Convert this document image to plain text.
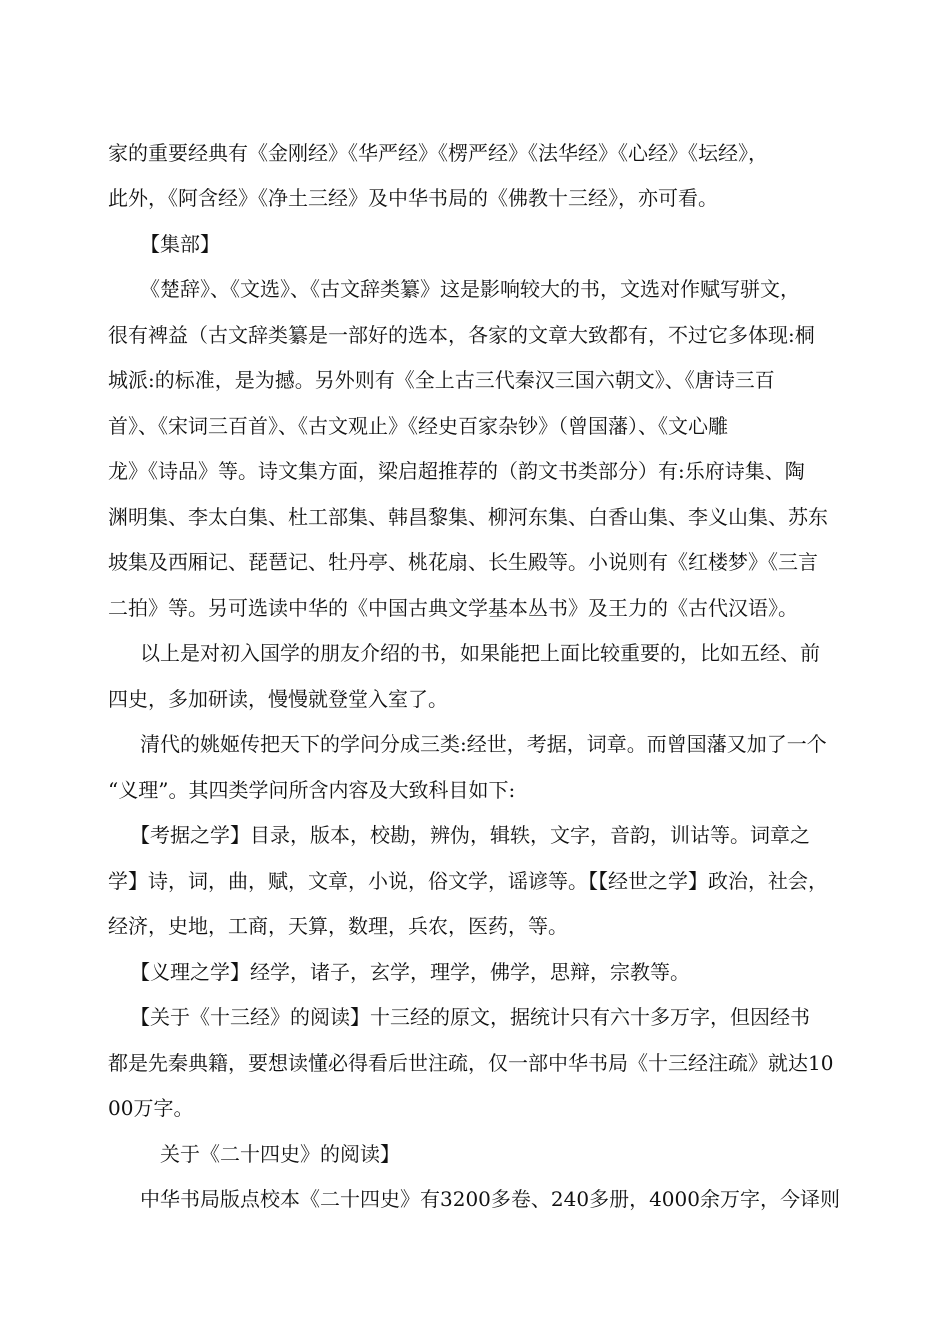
家的重要经典有《金刚经》《华严经》《楞严经》《法华经》《心经》《坛经》，
此外，《阿含经》《净土三经》及中华书局的《佛教十三经》，亦可看。
【集部】
《楚辞》、《文选》、《古文辞类纂》这是影响较大的书，文选对作赋写骈文，
很有裨益（古文辞类纂是一部好的选本，各家的文章大致都有，不过它多体现:桐
城派:的标准，是为撼。另外则有《全上古三代秦汉三国六朝文》、《唐诗三百
首》、《宋词三百首》、《古文观止》《经史百家杂钞》（曾国藩）、《文心雕
龙》《诗品》等。诗文集方面，梁启超推荐的（韵文书类部分）有:乐府诗集、陶
渊明集、李太白集、杜工部集、韩昌黎集、柳河东集、白香山集、李义山集、苏东
坡集及西厢记、琵琶记、牡丹亭、桃花扇、长生殿等。小说则有《红楼梦》《三言
二拍》等。另可选读中华的《中国古典文学基本丛书》及王力的《古代汉语》。
以上是对初入国学的朋友介绍的书，如果能把上面比较重要的，比如五经、前
四史，多加研读，慢慢就登堂入室了。
清代的姚姬传把天下的学问分成三类:经世，考据，词章。而曾国藩又加了一个
“义理”。其四类学问所含内容及大致科目如下:
【考据之学】目录，版本，校勘，辨伪，辑轶，文字，音韵，训诂等。词章之
学】诗，词，曲，赋，文章，小说，俗文学，谣谚等。【【经世之学】政治，社会，
经济，史地，工商，天算，数理，兵农，医药，等。
【义理之学】经学，诸子，玄学，理学，佛学，思辩，宗教等。
【关于《十三经》的阅读】十三经的原文，据统计只有六十多万字，但因经书
都是先秦典籍，要想读懂必得看后世注疏，仅一部中华书局《十三经注疏》就达10
00万字。
关于《二十四史》的阅读】
中华书局版点校本《二十四史》有3200多卷、240多册，4000余万字，今译则
